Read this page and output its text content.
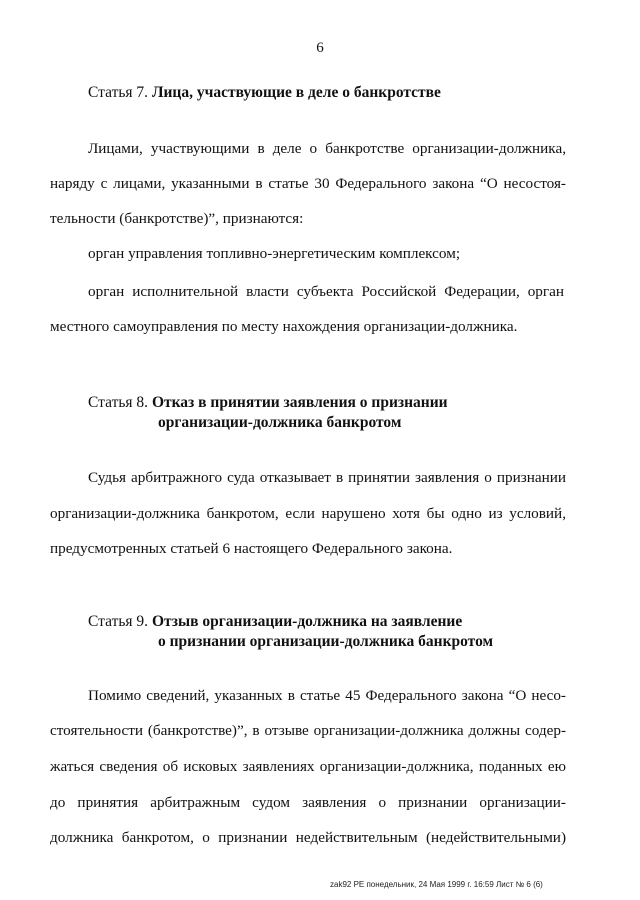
6
Статья 7. Лица, участвующие в деле о банкротстве
Лицами, участвующими в деле о банкротстве организации-должника,
наряду с лицами, указанными в статье 30 Федерального закона “О несостоя-
тельности (банкротстве)”, признаются:
орган управления топливно-энергетическим комплексом;
орган исполнительной власти субъекта Российской Федерации, орган
местного самоуправления по месту нахождения организации-должника.
Статья 8. Отказ в принятии заявления о признании
организации-должника банкротом
Судья арбитражного суда отказывает в принятии заявления о признании
организации-должника банкротом, если нарушено хотя бы одно из условий,
предусмотренных статьей 6 настоящего Федерального закона.
Статья 9. Отзыв организации-должника на заявление
о признании организации-должника банкротом
Помимо сведений, указанных в статье 45 Федерального закона “О несо-
стоятельности (банкротстве)”, в отзыве организации-должника должны содер-
жаться сведения об исковых заявлениях организации-должника, поданных ею
до принятия арбитражным судом заявления о признании организации-
должника банкротом, о признании недействительным (недействительными)
zak92 PE понедельник, 24 Мая 1999 г. 16:59 Лист № 6 (6)
